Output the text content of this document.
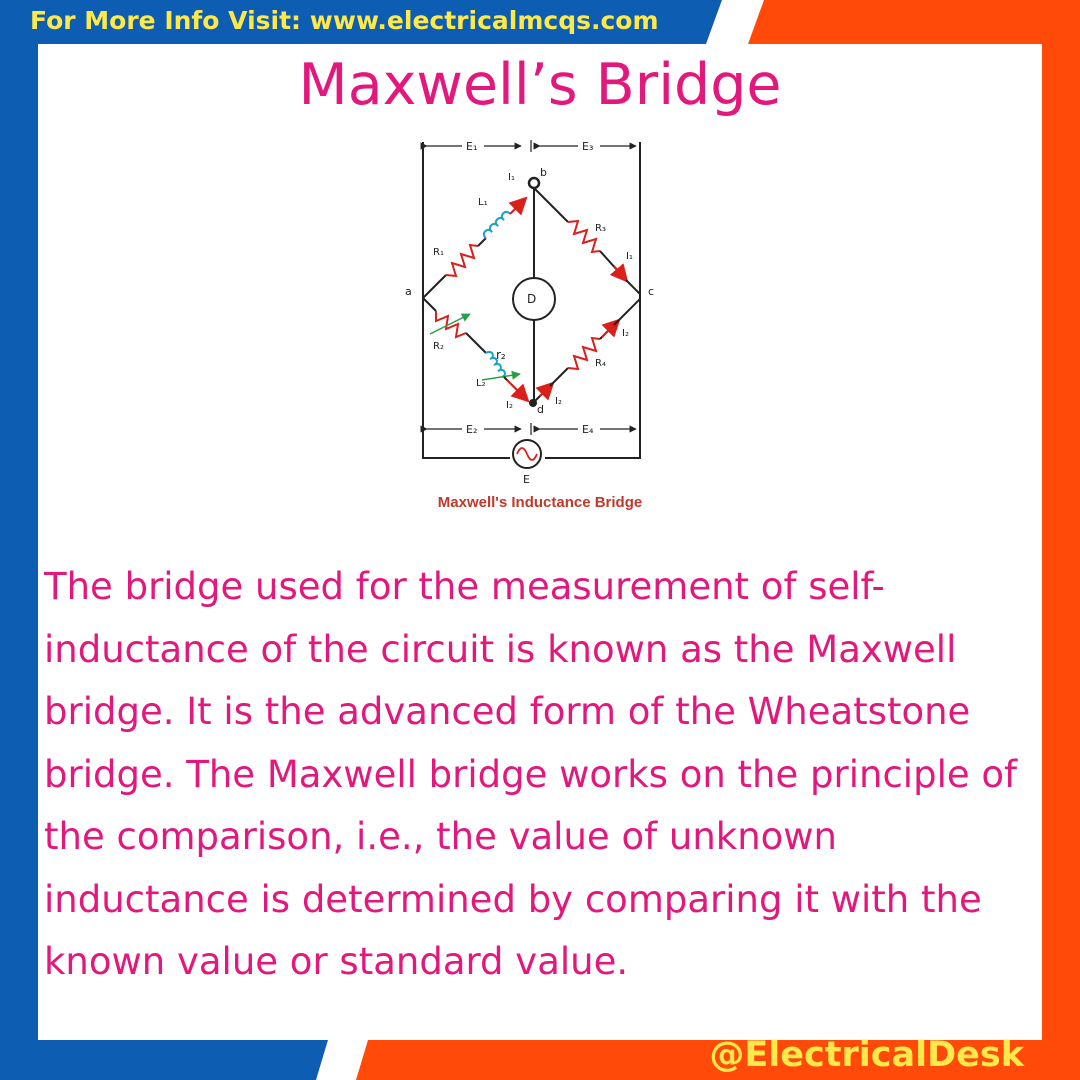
For More Info Visit: www.electricalmcqs.com

Maxwell’s Bridge
E₁	E₃
E₂	E₄
b
a	c
d
I₁
L₁
R₁
R₃
I₁
D
R₂
r₂
L₂
I₂	I₂
I₂
R₄
E

Maxwell's Inductance Bridge

The bridge used for the measurement of self-inductance of the circuit is known as the Maxwell bridge. It is the advanced form of the Wheatstone bridge. The Maxwell bridge works on the principle of the comparison, i.e., the value of unknown inductance is determined by comparing it with the known value or standard value.

@ElectricalDesk
